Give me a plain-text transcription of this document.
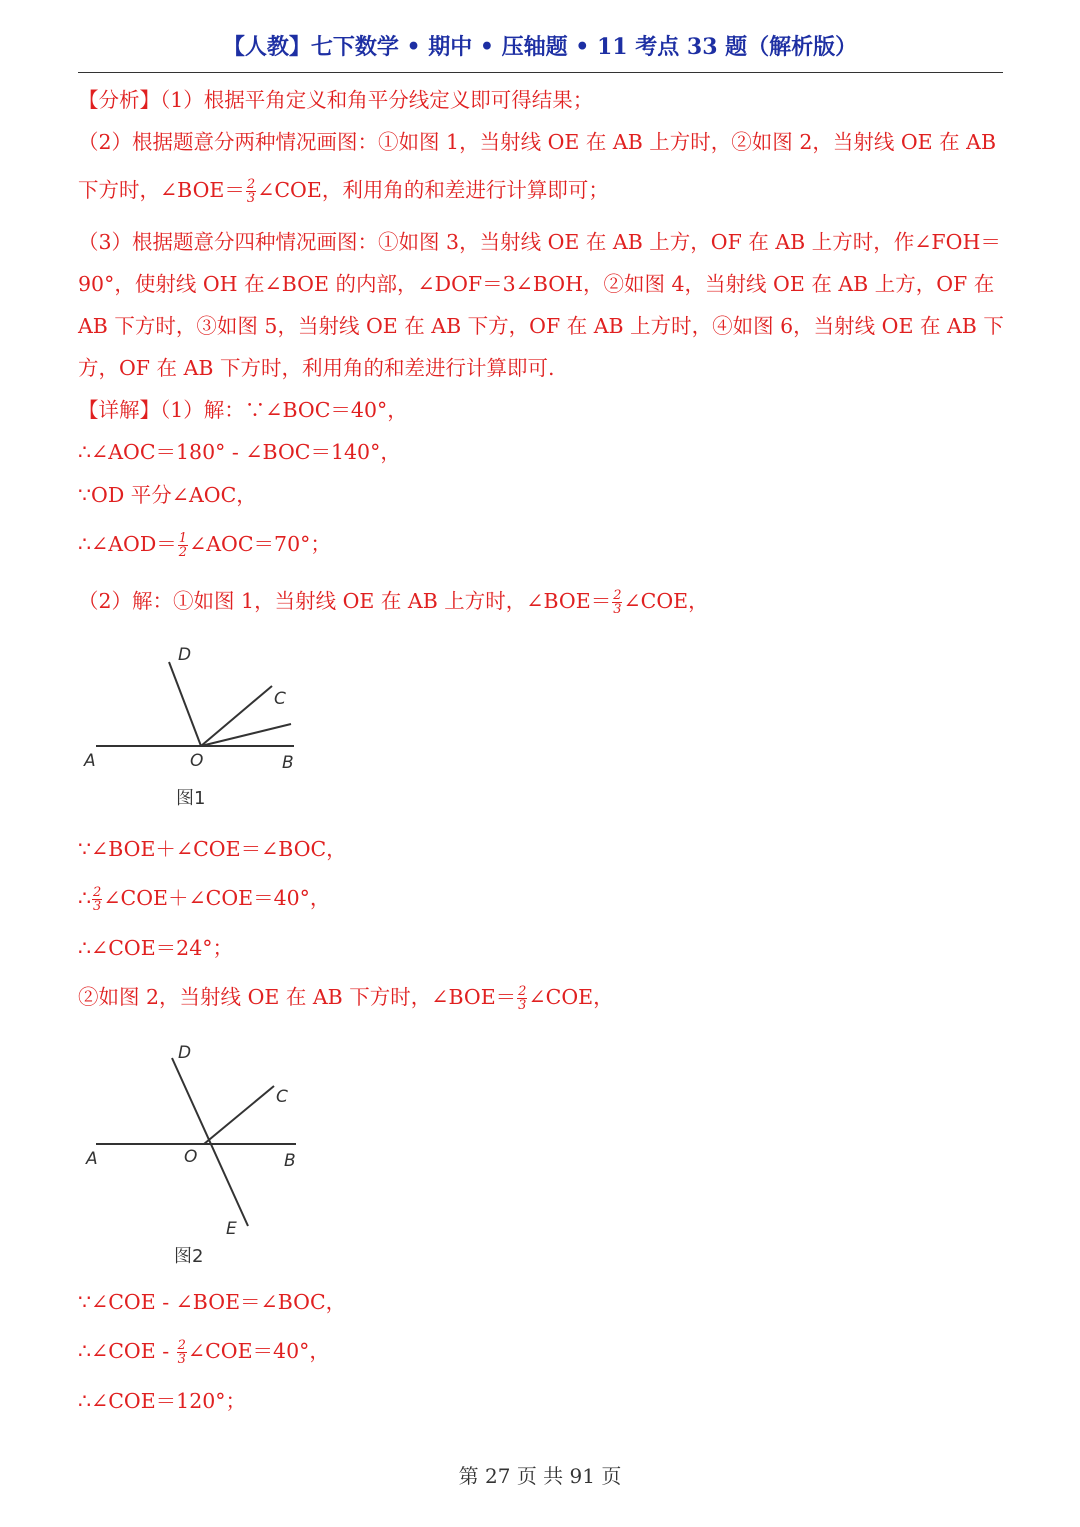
【人教】七下数学 • 期中 • 压轴题 • 11 考点 33 题（解析版）
【分析】（1）根据平角定义和角平分线定义即可得结果；
（2）根据题意分两种情况画图：①如图 1，当射线 OE 在 AB 上方时，②如图 2，当射线 OE 在 AB
下方时，∠BOE＝ $\frac{2}{3}$ ∠COE，利用角的和差进行计算即可；
（3）根据题意分四种情况画图：①如图 3，当射线 OE 在 AB 上方，OF 在 AB 上方时，作∠FOH＝
90°，使射线 OH 在∠BOE 的内部，∠DOF＝3∠BOH，②如图 4，当射线 OE 在 AB 上方，OF 在
AB 下方时，③如图 5，当射线 OE 在 AB 下方，OF 在 AB 上方时，④如图 6，当射线 OE 在 AB 下
方，OF 在 AB 下方时，利用角的和差进行计算即可.
【详解】（1）解：∵∠BOC＝40°，
∴∠AOC＝180° - ∠BOC＝140°，
∵OD 平分∠AOC，
∴∠AOD＝ $\frac{1}{2}$ ∠AOC＝70°；
（2）解：①如图 1，当射线 OE 在 AB 上方时，∠BOE＝ $\frac{2}{3}$ ∠COE，
D
C
A	O	B
图1
∵∠BOE＋∠COE＝∠BOC，
∴ $\frac{2}{3}$ ∠COE＋∠COE＝40°，
∴∠COE＝24°；
②如图 2，当射线 OE 在 AB 下方时，∠BOE＝ $\frac{2}{3}$ ∠COE，
D
C
A	O	B
E
图2
∵∠COE - ∠BOE＝∠BOC，
∴∠COE - $\frac{2}{3}$ ∠COE＝40°，
∴∠COE＝120°；
第 27 页 共 91 页
